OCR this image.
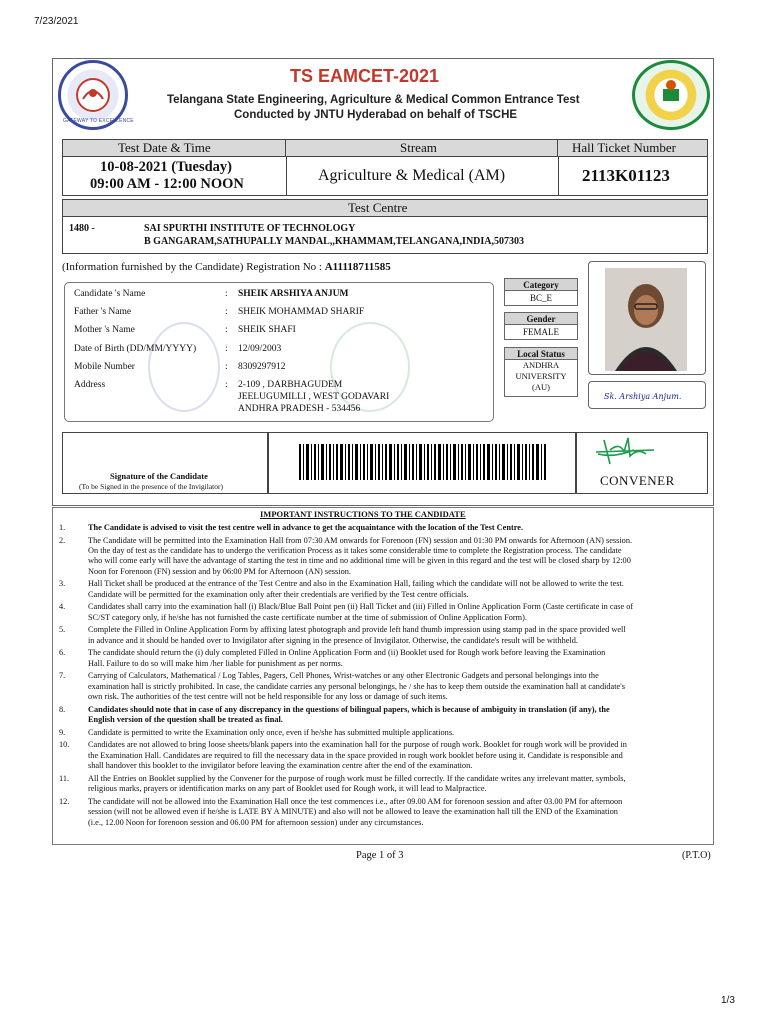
7/23/2021
GATEWAY TO EXCELLENCE
TS EAMCET-2021
Telangana State Engineering, Agriculture & Medical Common Entrance Test
Conducted by JNTU Hyderabad on behalf of TSCHE
Test Date & Time	Stream	Hall Ticket Number
10-08-2021 (Tuesday)
09:00 AM - 12:00 NOON	Agriculture & Medical (AM)	2113K01123
Test Centre
1480 -	SAI SPURTHI INSTITUTE OF TECHNOLOGY
B GANGARAM,SATHUPALLY MANDAL,,KHAMMAM,TELANGANA,INDIA,507303
(Information furnished by the Candidate) Registration No : A11118711585
Candidate 's Name	: SHEIK ARSHIYA ANJUM
Father 's Name	: SHEIK MOHAMMAD SHARIF
Mother 's Name	: SHEIK SHAFI
Date of Birth (DD/MM/YYYY)	: 12/09/2003
Mobile Number	: 8309297912
Address	: 2-109 , DARBHAGUDEM
JEELUGUMILLI , WEST GODAVARI
ANDHRA PRADESH - 534456
Category
BC_E
Gender
FEMALE
Local Status
ANDHRA
UNIVERSITY
(AU)
Sk. Arshiya Anjum.
Signature of the Candidate
(To be Signed in the presence of the Invigilator)	CONVENER
IMPORTANT INSTRUCTIONS TO THE CANDIDATE
1.	The Candidate is advised to visit the test centre well in advance to get the acquaintance with the location of the Test Centre.
2.	The Candidate will be permitted into the Examination Hall from 07:30 AM onwards for Forenoon (FN) session and 01:30 PM onwards for Afternoon (AN) session.
On the day of test as the candidate has to undergo the verification Process as it takes some considerable time to complete the Registration process. The candidate
who will come early will have the advantage of starting the test in time and no additional time will be given in this regard and the test will be closed sharp by 12:00
Noon for Forenoon (FN) session and by 06:00 PM for Afternoon (AN) session.
3.	Hall Ticket shall be produced at the entrance of the Test Centre and also in the Examination Hall, failing which the candidate will not be allowed to write the test.
Candidate will be permitted for the examination only after their credentials are verified by the Test centre officials.
4.	Candidates shall carry into the examination hall (i) Black/Blue Ball Point pen (ii) Hall Ticket and (iii) Filled in Online Application Form (Caste certificate in case of
SC/ST category only, if he/she has not furnished the caste certificate number at the time of submission of Online Application Form).
5.	Complete the Filled in Online Application Form by affixing latest photograph and provide left hand thumb impression using stamp pad in the space provided well
in advance and it should be handed over to Invigilator after signing in the presence of Invigilator. Otherwise, the candidate's result will be withheld.
6.	The candidate should return the (i) duly completed Filled in Online Application Form and (ii) Booklet used for Rough work before leaving the Examination
Hall. Failure to do so will make him /her liable for punishment as per norms.
7.	Carrying of Calculators, Mathematical / Log Tables, Pagers, Cell Phones, Wrist-watches or any other Electronic Gadgets and personal belongings into the
examination hall is strictly prohibited. In case, the candidate carries any personal belongings, he / she has to keep them outside the examination hall at candidate's
own risk. The authorities of the test centre will not be held responsible for any loss or damage of such items.
8.	Candidates should note that in case of any discrepancy in the questions of bilingual papers, which is because of ambiguity in translation (if any), the
English version of the question shall be treated as final.
9.	Candidate is permitted to write the Examination only once, even if he/she has submitted multiple applications.
10. Candidates are not allowed to bring loose sheets/blank papers into the examination hall for the purpose of rough work. Booklet for rough work will be provided in
the Examination Hall. Candidates are required to fill the necessary data in the space provided in rough work booklet before using it. Candidate is responsible and
shall handover this booklet to the invigilator before leaving the examination centre after the end of the examination.
11. All the Entries on Booklet supplied by the Convener for the purpose of rough work must be filled correctly. If the candidate writes any irrelevant matter, symbols,
religious marks, prayers or identification marks on any part of Booklet used for Rough work, it will lead to Malpractice.
12. The candidate will not be allowed into the Examination Hall once the test commences i.e., after 09.00 AM for forenoon session and after 03.00 PM for afternoon
session (will not be allowed even if he/she is LATE BY A MINUTE) and also will not be allowed to leave the examination hall till the END of the Examination
(i.e., 12.00 Noon for forenoon session and 06.00 PM for afternoon session) under any circumstances.
Page 1 of 3	(P.T.O)
1/3
